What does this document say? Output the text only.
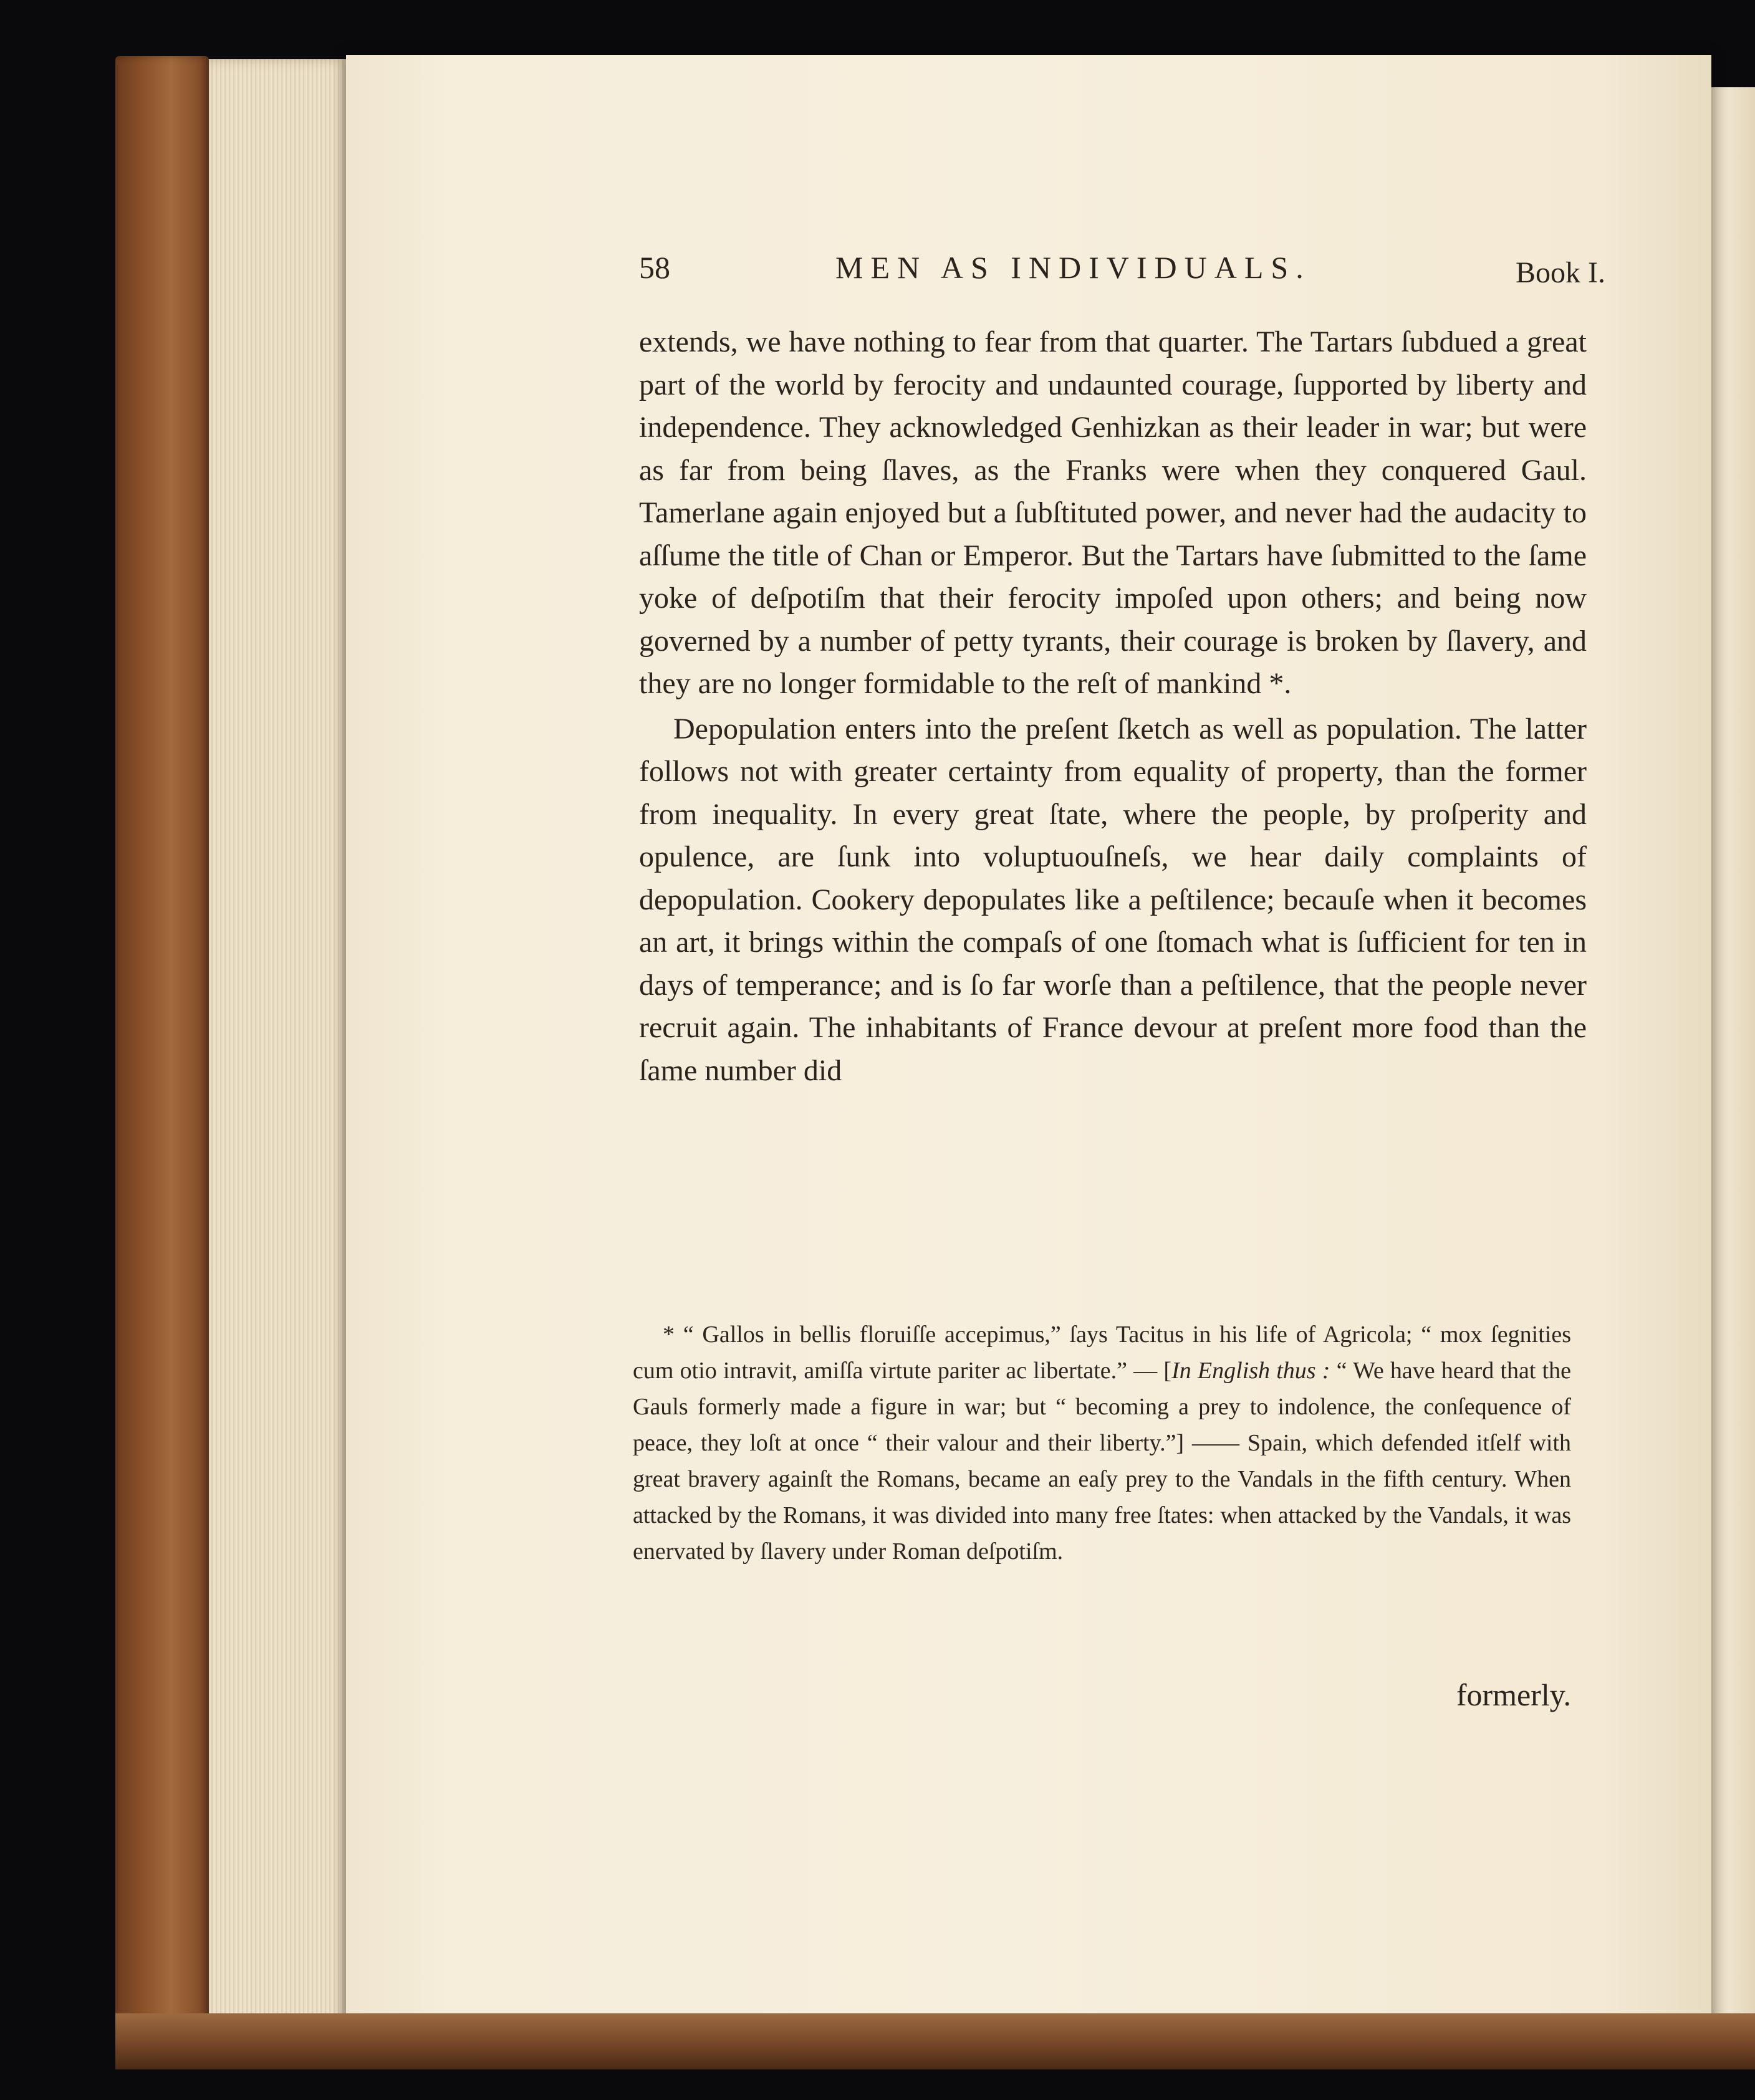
58	MEN AS INDIVIDUALS.	Book I.

extends, we have nothing to fear from that quarter. The Tartars ſubdued a great part of the world by ferocity and undaunted courage, ſupported by liberty and independence. They acknowledged Genhizkan as their leader in war; but were as far from being ſlaves, as the Franks were when they conquered Gaul. Tamerlane again enjoyed but a ſubſtituted power, and never had the audacity to aſſume the title of Chan or Emperor. But the Tartars have ſubmitted to the ſame yoke of deſpotiſm that their ferocity impoſed upon others; and being now governed by a number of petty tyrants, their courage is broken by ſlavery, and they are no longer formidable to the reſt of mankind *.

Depopulation enters into the preſent ſketch as well as population. The latter follows not with greater certainty from equality of property, than the former from inequality. In every great ſtate, where the people, by proſperity and opulence, are ſunk into voluptuouſneſs, we hear daily complaints of depopulation. Cookery depopulates like a peſtilence; becauſe when it becomes an art, it brings within the compaſs of one ſtomach what is ſufficient for ten in days of temperance; and is ſo far worſe than a peſtilence, that the people never recruit again. The inhabitants of France devour at preſent more food than the ſame number did

* “ Gallos in bellis floruiſſe accepimus,” ſays Tacitus in his life of Agricola; “ mox ſegnities cum otio intravit, amiſſa virtute pariter ac libertate.” — [In English thus : “ We have heard that the Gauls formerly made a figure in war; but “ becoming a prey to indolence, the conſequence of peace, they loſt at once “ their valour and their liberty.”] —— Spain, which defended itſelf with great bravery againſt the Romans, became an eaſy prey to the Vandals in the fifth century. When attacked by the Romans, it was divided into many free ſtates: when attacked by the Vandals, it was enervated by ſlavery under Roman deſpotiſm.
formerly.
